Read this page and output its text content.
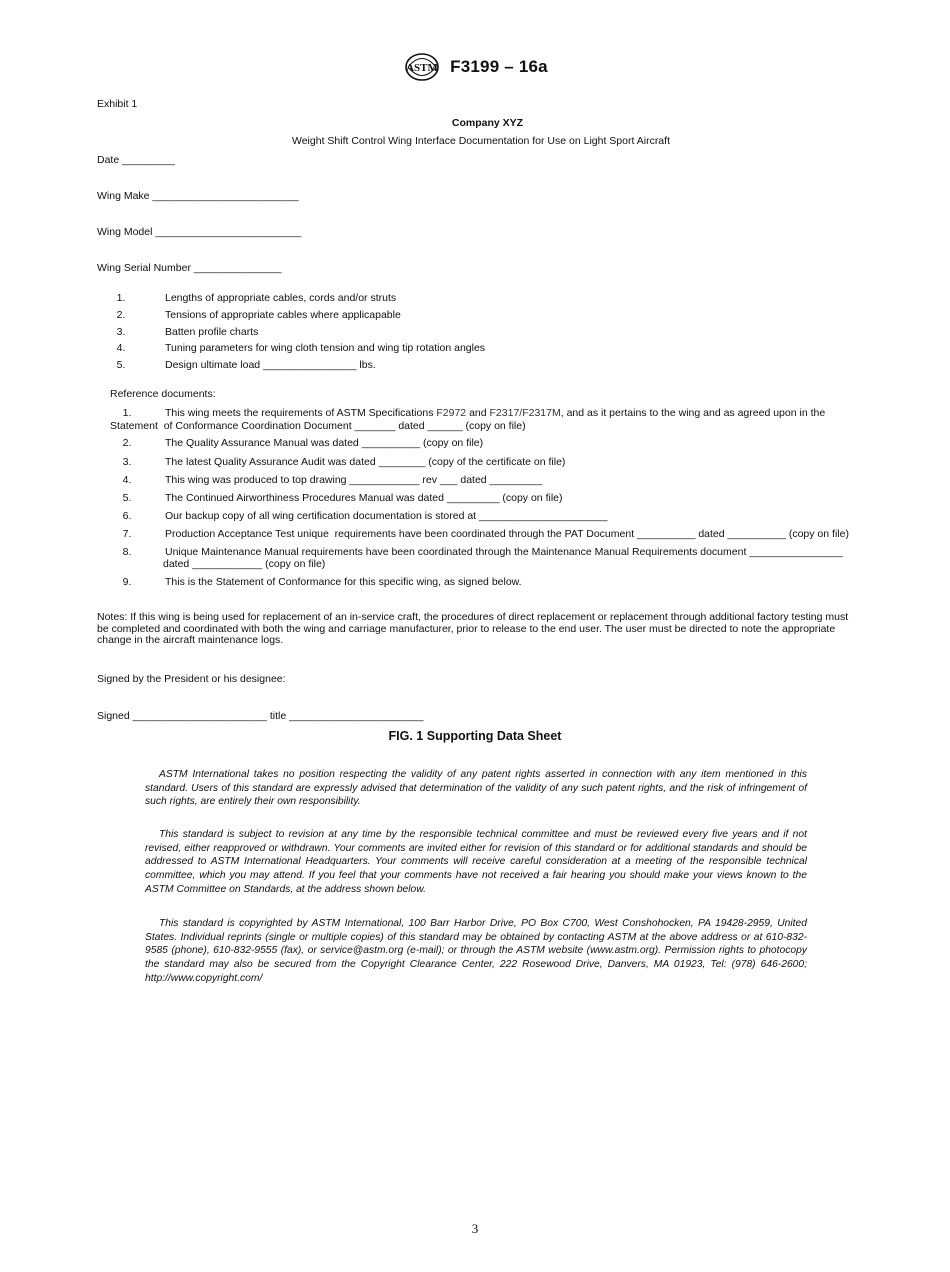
ASTM F3199 – 16a
Exhibit 1
Company XYZ
Weight Shift Control Wing Interface Documentation for Use on Light Sport Aircraft
Date _________
Wing Make _________________________
Wing Model _________________________
Wing Serial Number _______________
1.	Lengths of appropriate cables, cords and/or struts
2.	Tensions of appropriate cables where applicapable
3.	Batten profile charts
4.	Tuning parameters for wing cloth tension and wing tip rotation angles
5.	Design ultimate load ________________ lbs.
Reference documents:
1.	This wing meets the requirements of ASTM Specifications F2972 and F2317/F2317M, and as it pertains to the wing and as agreed upon in the
Statement  of Conformance Coordination Document _______ dated ______ (copy on file)
2.	The Quality Assurance Manual was dated __________ (copy on file)
3.	The latest Quality Assurance Audit was dated ________ (copy of the certificate on file)
4.	This wing was produced to top drawing ____________ rev ___ dated _________
5.	The Continued Airworthiness Procedures Manual was dated _________ (copy on file)
6.	Our backup copy of all wing certification documentation is stored at ______________________
7.	Production Acceptance Test unique  requirements have been coordinated through the PAT Document __________ dated __________ (copy on file)
8.	Unique Maintenance Manual requirements have been coordinated through the Maintenance Manual Requirements document ________________
dated ____________ (copy on file)
9.	This is the Statement of Conformance for this specific wing, as signed below.
Notes: If this wing is being used for replacement of an in-service craft, the procedures of direct replacement or replacement through additional factory testing must be completed and coordinated with both the wing and carriage manufacturer, prior to release to the end user. The user must be directed to note the appropriate change in the aircraft maintenance logs.
Signed by the President or his designee:
Signed _______________________ title _______________________
FIG. 1 Supporting Data Sheet
ASTM International takes no position respecting the validity of any patent rights asserted in connection with any item mentioned in this standard. Users of this standard are expressly advised that determination of the validity of any such patent rights, and the risk of infringement of such rights, are entirely their own responsibility.
This standard is subject to revision at any time by the responsible technical committee and must be reviewed every five years and if not revised, either reapproved or withdrawn. Your comments are invited either for revision of this standard or for additional standards and should be addressed to ASTM International Headquarters. Your comments will receive careful consideration at a meeting of the responsible technical committee, which you may attend. If you feel that your comments have not received a fair hearing you should make your views known to the ASTM Committee on Standards, at the address shown below.
This standard is copyrighted by ASTM International, 100 Barr Harbor Drive, PO Box C700, West Conshohocken, PA 19428-2959, United States. Individual reprints (single or multiple copies) of this standard may be obtained by contacting ASTM at the above address or at 610-832-9585 (phone), 610-832-9555 (fax), or service@astm.org (e-mail); or through the ASTM website (www.astm.org). Permission rights to photocopy the standard may also be secured from the Copyright Clearance Center, 222 Rosewood Drive, Danvers, MA 01923, Tel: (978) 646-2600; http://www.copyright.com/
3
